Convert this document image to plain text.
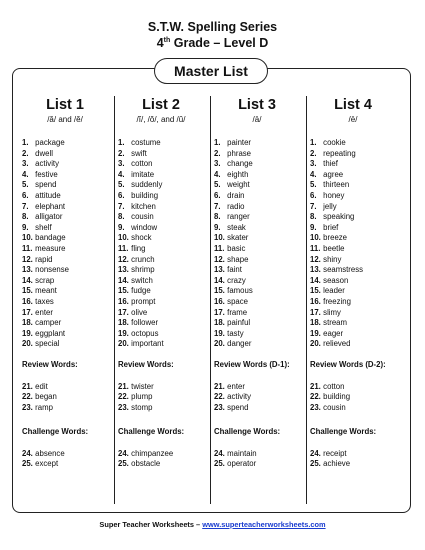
S.T.W. Spelling Series
4th Grade – Level D
Master List
List 1
/ă/ and /ĕ/
1. package
2. dwell
3. activity
4. festive
5. spend
6. attitude
7. elephant
8. alligator
9. shelf
10. bandage
11. measure
12. rapid
13. nonsense
14. scrap
15. meant
16. taxes
17. enter
18. camper
19. eggplant
20. special
Review Words:
21. edit
22. began
23. ramp
Challenge Words:
24. absence
25. except
List 2
/ĭ/, /ŏ/, and /ŭ/
1. costume
2. swift
3. cotton
4. imitate
5. suddenly
6. building
7. kitchen
8. cousin
9. window
10. shock
11. fling
12. crunch
13. shrimp
14. switch
15. fudge
16. prompt
17. olive
18. follower
19. octopus
20. important
Review Words:
21. twister
22. plump
23. stomp
Challenge Words:
24. chimpanzee
25. obstacle
List 3
/ā/
1. painter
2. phrase
3. change
4. eighth
5. weight
6. drain
7. radio
8. ranger
9. steak
10. skater
11. basic
12. shape
13. faint
14. crazy
15. famous
16. space
17. frame
18. painful
19. tasty
20. danger
Review Words (D-1):
21. enter
22. activity
23. spend
Challenge Words:
24. maintain
25. operator
List 4
/ē/
1. cookie
2. repeating
3. thief
4. agree
5. thirteen
6. honey
7. jelly
8. speaking
9. brief
10. breeze
11. beetle
12. shiny
13. seamstress
14. season
15. leader
16. freezing
17. slimy
18. stream
19. eager
20. relieved
Review Words (D-2):
21. cotton
22. building
23. cousin
Challenge Words:
24. receipt
25. achieve
Super Teacher Worksheets – www.superteacherworksheets.com
